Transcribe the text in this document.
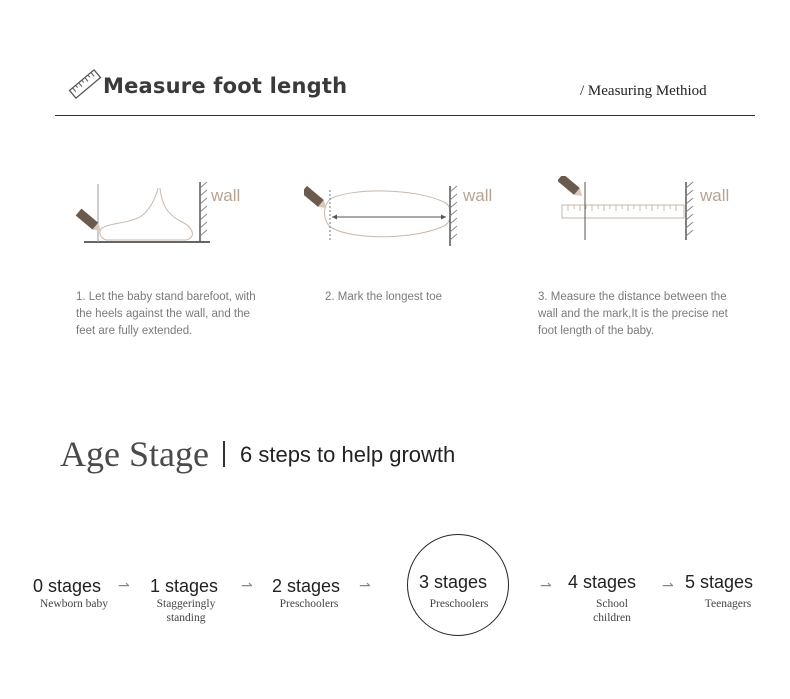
Measure foot length	/ Measuring Methiod
wall	wall	wall
1. Let the baby stand barefoot, with
the heels against the wall, and the
feet are fully extended.
2. Mark the longest toe	3. Measure the distance between the
wall and the mark,It is the precise net
foot length of the baby.
Age Stage 6 steps to help growth
0 stages
Newborn baby
⇀ 1 stages
Staggeringly
standing
⇀ 2 stages
Preschoolers
⇀	3 stages
Preschoolers
⇀ 4 stages
School
children
⇀ 5 stages
Teenagers
